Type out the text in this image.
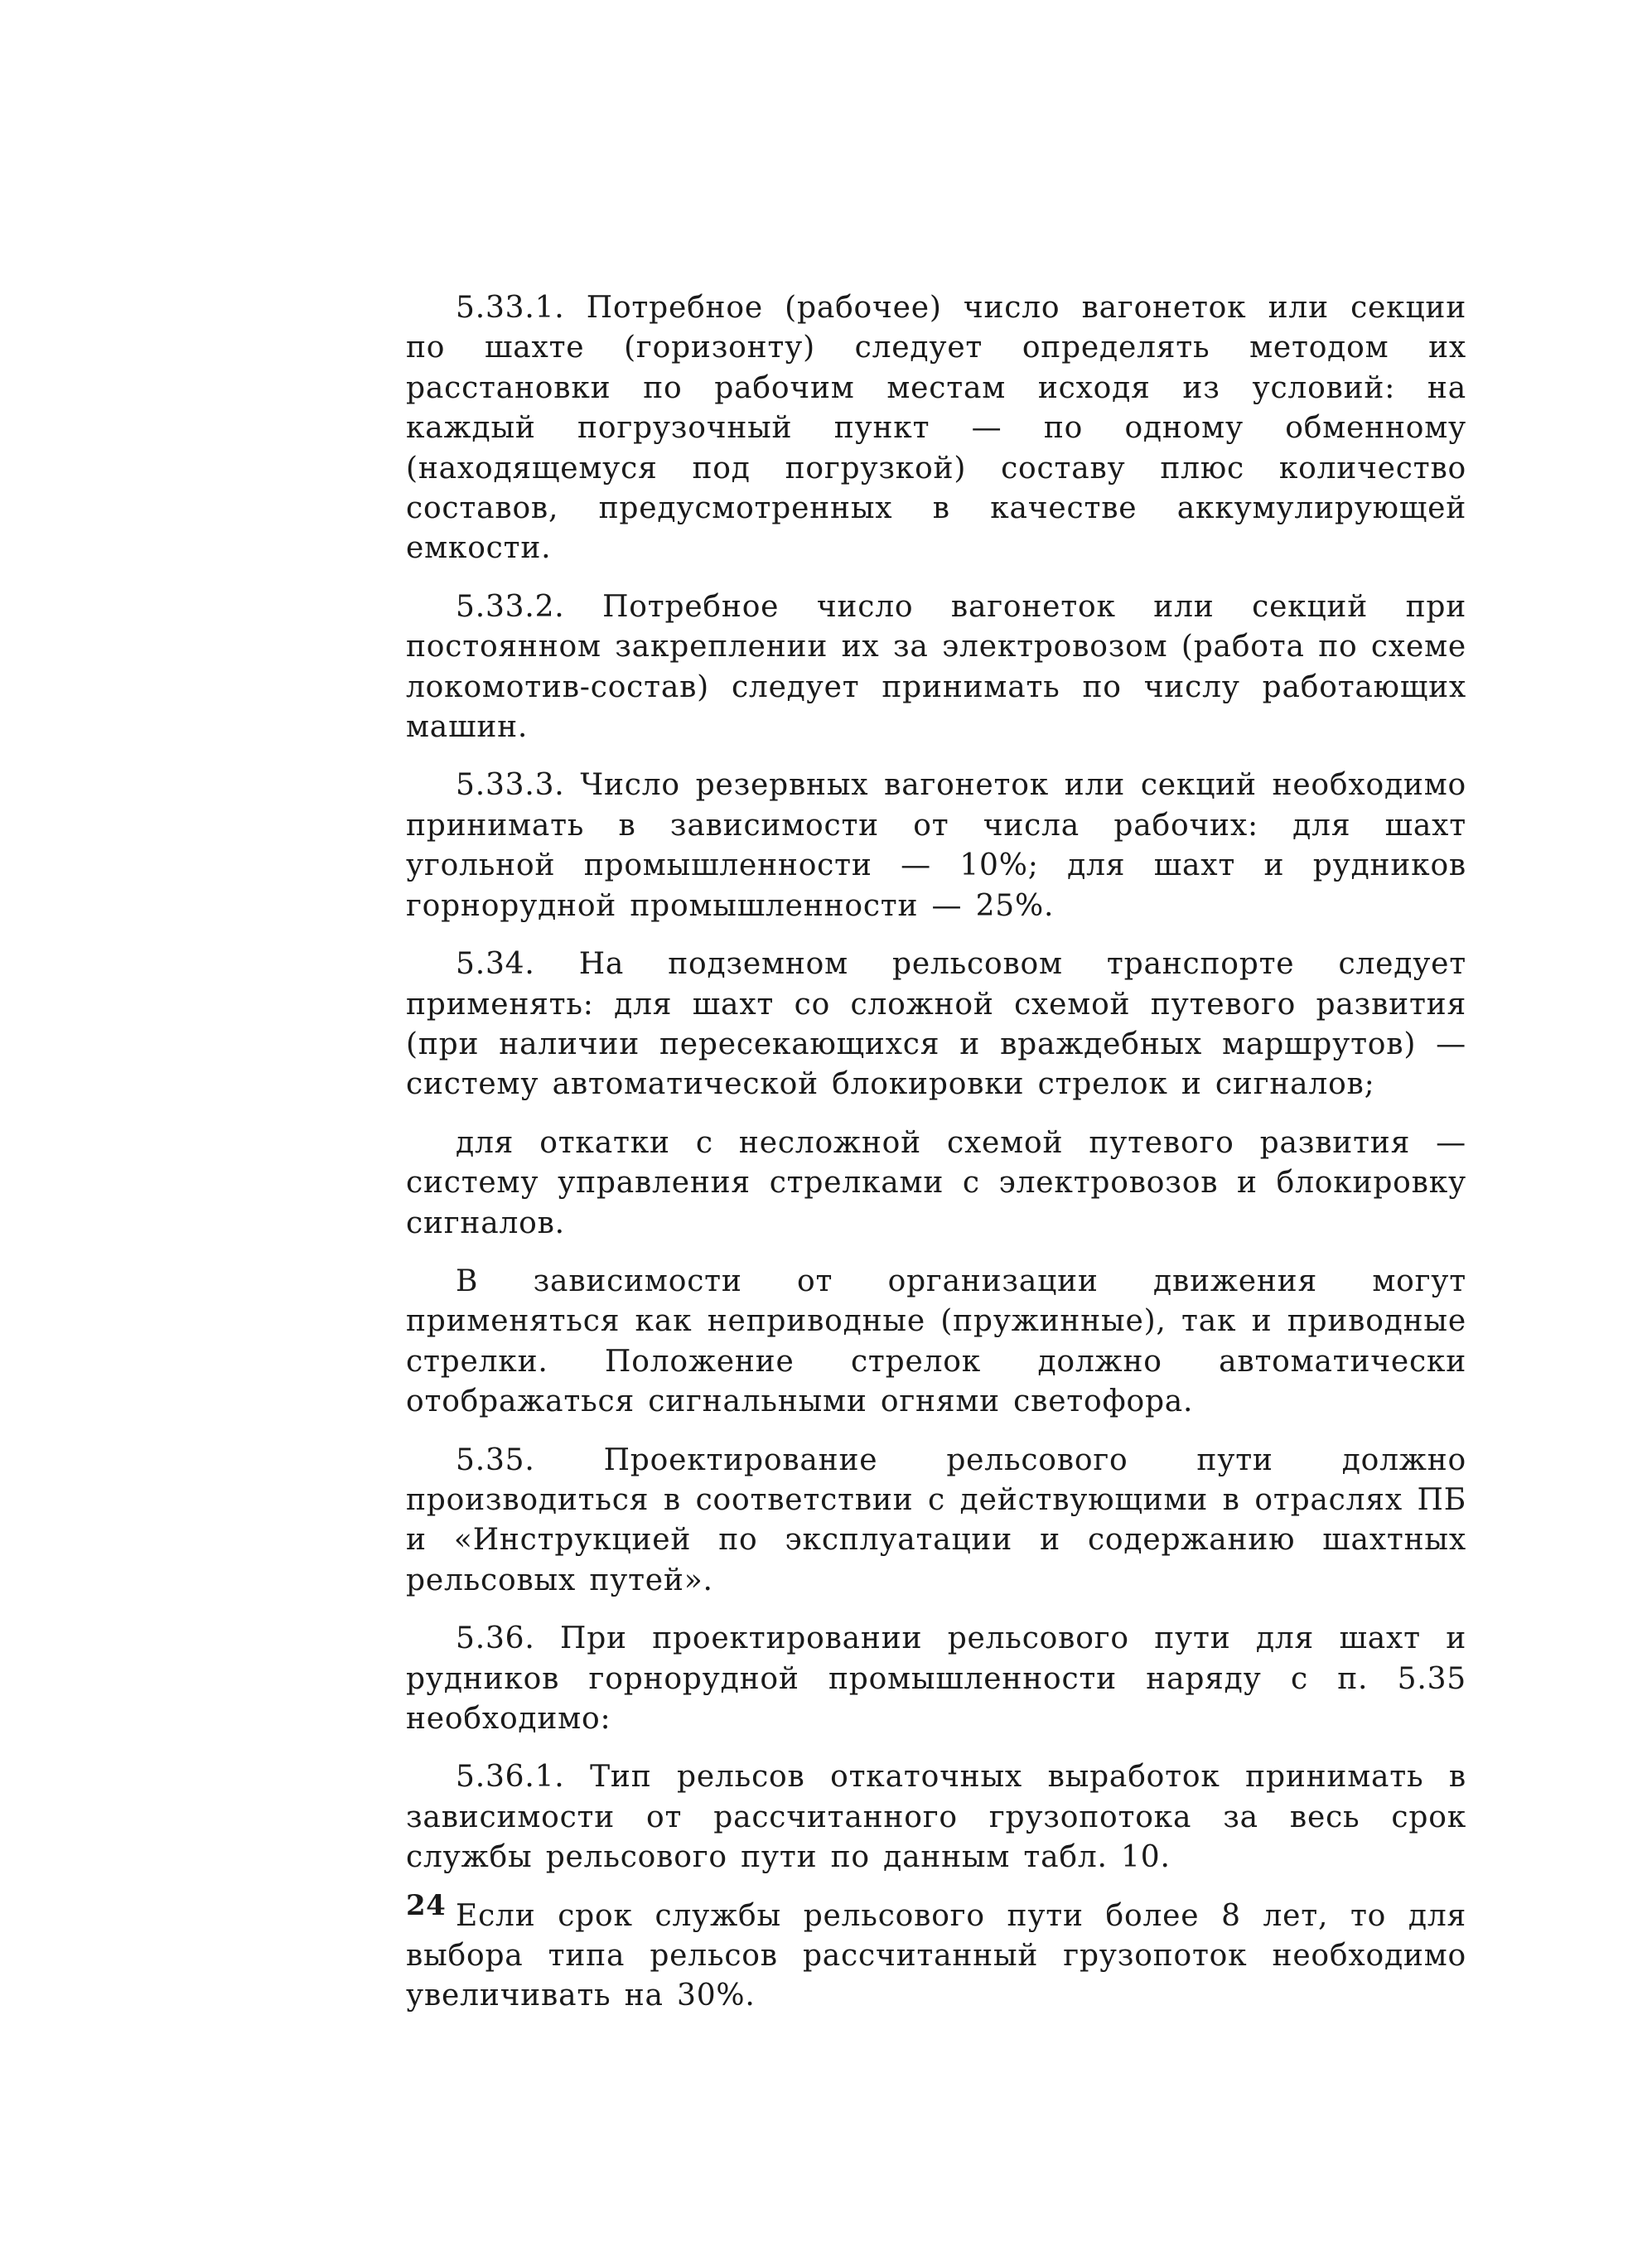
5.33.1. Потребное (рабочее) число вагонеток или секции по шахте (горизонту) следует определять методом их расстановки по рабочим местам исходя из условий: на каждый погрузочный пункт — по одному обменному (находящемуся под погрузкой) составу плюс количество составов, предусмотренных в качестве аккумулирующей емкости.

5.33.2. Потребное число вагонеток или секций при постоянном закреплении их за электровозом (работа по схеме локомотив-состав) следует принимать по числу работающих машин.

5.33.3. Число резервных вагонеток или секций необходимо принимать в зависимости от числа рабочих: для шахт угольной промышленности — 10%; для шахт и рудников горнорудной промышленности — 25%.

5.34. На подземном рельсовом транспорте следует применять: для шахт со сложной схемой путевого развития (при наличии пересекающихся и враждебных маршрутов) — систему автоматической блокировки стрелок и сигналов;

для откатки с несложной схемой путевого развития — систему управления стрелками с электровозов и блокировку сигналов.

В зависимости от организации движения могут применяться как неприводные (пружинные), так и приводные стрелки. Положение стрелок должно автоматически отображаться сигнальными огнями светофора.

5.35. Проектирование рельсового пути должно производиться в соответствии с действующими в отраслях ПБ и «Инструкцией по эксплуатации и содержанию шахтных рельсовых путей».

5.36. При проектировании рельсового пути для шахт и рудников горнорудной промышленности наряду с п. 5.35 необходимо:

5.36.1. Тип рельсов откаточных выработок принимать в зависимости от рассчитанного грузопотока за весь срок службы рельсового пути по данным табл. 10.

Если срок службы рельсового пути более 8 лет, то для выбора типа рельсов рассчитанный грузопоток необходимо увеличивать на 30%.

24
